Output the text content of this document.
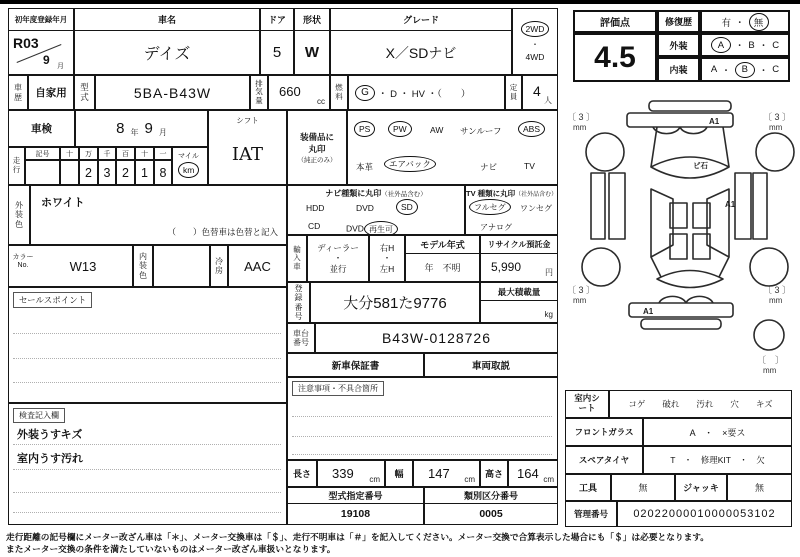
初年度登録年月
R03
9 月
車名
デイズ
ドア
5
形状
W
グレード
X／SDナビ
2WD
・
4WD
車歴	自家用
型式	5BA-B43W
排気量
660
cc
燃料	G ・ D ・ HV ・（　　）
定員	4
人
車検	8 年 9 月
走行
記号	十	万	千	百	十	一
2 3 2 1 8
マイル
km
シフト
IAT
装備品に
丸印
（純正のみ）
PS	PW	AW サンルーフ	ABS
本革	エアバック	ナビ	TV
ナビ種類に丸印（社外品含む）
HDD	DVD	SD
CD	DVD 再生可
TV 種類に丸印（社外品含む）
フルセグ	ワンセグ
アナログ
輸入車
ディーラー
・
並行
右H
・
左H
モデル年式
年　不明
リサイクル預託金
5,990	円
登録番号
大分581た9776
最大積載量
kg
車台番号	B43W-0128726
新車保証書	車両取説
注意事項・不具合箇所
長さ	339 cm
幅	147 cm
高さ	164 cm
型式指定番号
19108
類別区分番号
0005
外装色
ホワイト
（　　）色替車は色替と記入
カラーNo.	W13
内装色
冷房	AAC
セールスポイント
検査記入欄
外装うすキズ
室内うす汚れ
評価点
4.5
修復歴	有 ・ 無
外装	A	・ B ・ C
内装	A ・	B	・ C
A1
A1
A1
ビ石
〔 3 〕
mm
〔 3 〕
mm
〔 3 〕
mm
〔 3 〕
mm
〔　〕
mm
室内シート	コゲ　　破れ　　汚れ　　穴　　キズ
フロントガラス	A　・　×要ス
スペアタイヤ	T　・　修理KIT　・　欠
工具	無	ジャッキ	無
管理番号	02022000010000053102
走行距離の記号欄にメーター改ざん車は「＊」、メーター交換車は「＄」、走行不明車は「＃」を記入してください。メーター交換で合算表示した場合にも「＄」は必要となります。
またメーター交換の条件を満たしていないものはメーター改ざん車扱いとなります。
